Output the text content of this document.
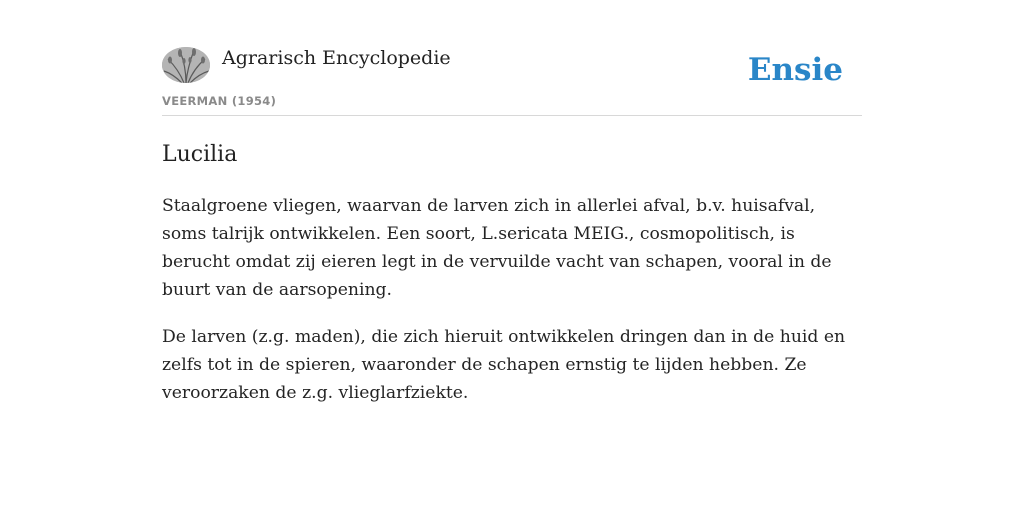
Agrarisch Encyclopedie
VEERMAN (1954)
Ensie
Lucilia

Staalgroene vliegen, waarvan de larven zich in allerlei afval, b.v. huisafval, soms talrijk ontwikkelen. Een soort, L.sericata MEIG., cosmopolitisch, is berucht omdat zij eieren legt in de vervuilde vacht van schapen, vooral in de buurt van de aarsopening.

De larven (z.g. maden), die zich hieruit ontwikkelen dringen dan in de huid en zelfs tot in de spieren, waaronder de schapen ernstig te lijden hebben. Ze veroorzaken de z.g. vlieglarfziekte.
